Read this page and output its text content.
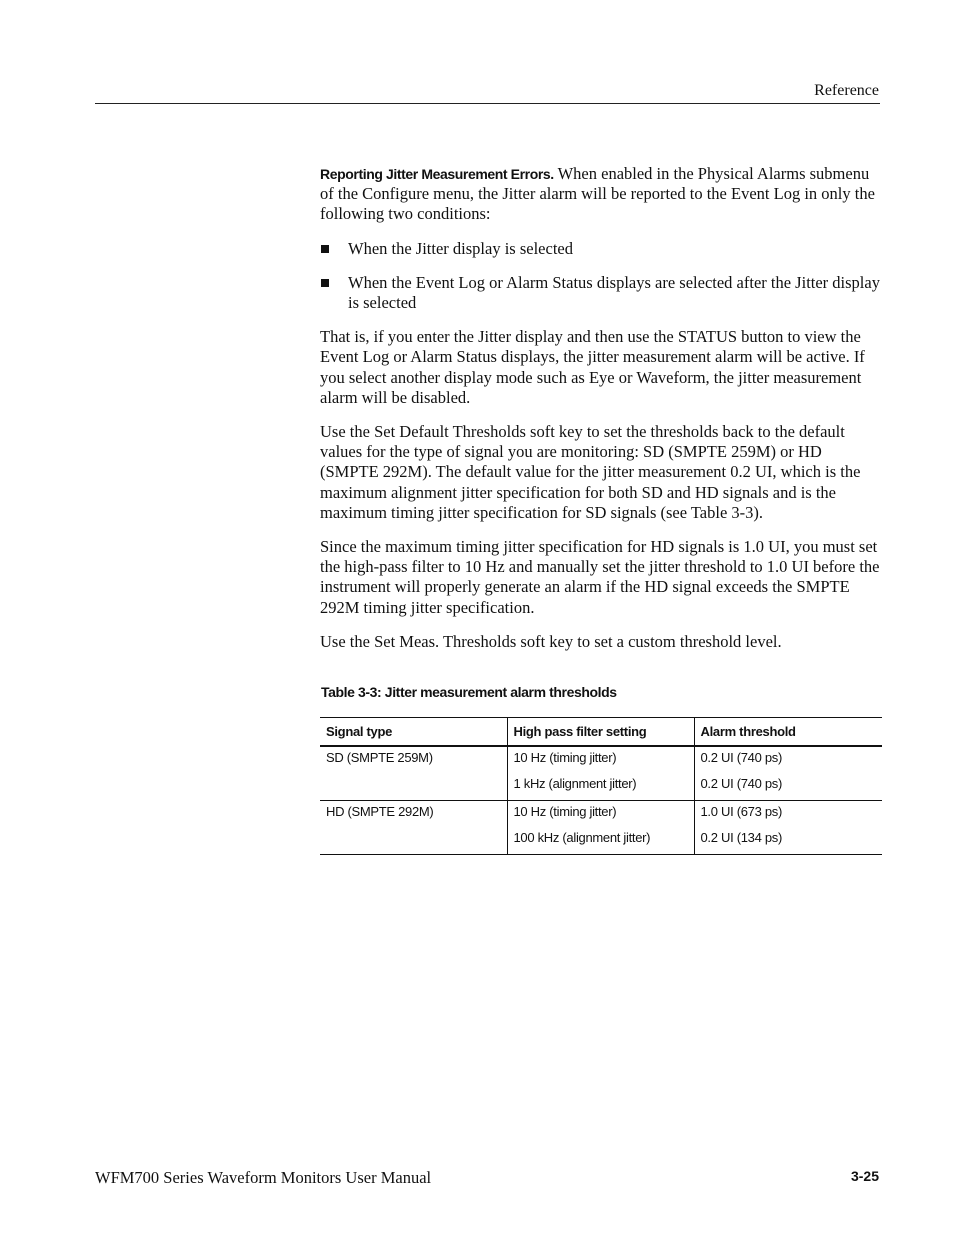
Reference

Reporting Jitter Measurement Errors. When enabled in the Physical Alarms submenu of the Configure menu, the Jitter alarm will be reported to the Event Log in only the following two conditions:

When the Jitter display is selected
When the Event Log or Alarm Status displays are selected after the Jitter display is selected

That is, if you enter the Jitter display and then use the STATUS button to view the Event Log or Alarm Status displays, the jitter measurement alarm will be active. If you select another display mode such as Eye or Waveform, the jitter measurement alarm will be disabled.

Use the Set Default Thresholds soft key to set the thresholds back to the default values for the type of signal you are monitoring: SD (SMPTE 259M) or HD (SMPTE 292M). The default value for the jitter measurement 0.2 UI, which is the maximum alignment jitter specification for both SD and HD signals and is the maximum timing jitter specification for SD signals (see Table 3-3).

Since the maximum timing jitter specification for HD signals is 1.0 UI, you must set the high-pass filter to 10 Hz and manually set the jitter threshold to 1.0 UI before the instrument will properly generate an alarm if the HD signal exceeds the SMPTE 292M timing jitter specification.

Use the Set Meas. Thresholds soft key to set a custom threshold level.

Table 3-3: Jitter measurement alarm thresholds
Signal type	High pass filter setting	Alarm threshold
SD (SMPTE 259M)	10 Hz (timing jitter)	0.2 UI (740 ps)
	1 kHz (alignment jitter)	0.2 UI (740 ps)
HD (SMPTE 292M)	10 Hz (timing jitter)	1.0 UI (673 ps)
	100 kHz (alignment jitter)	0.2 UI (134 ps)
WFM700 Series Waveform Monitors User Manual	3-25
